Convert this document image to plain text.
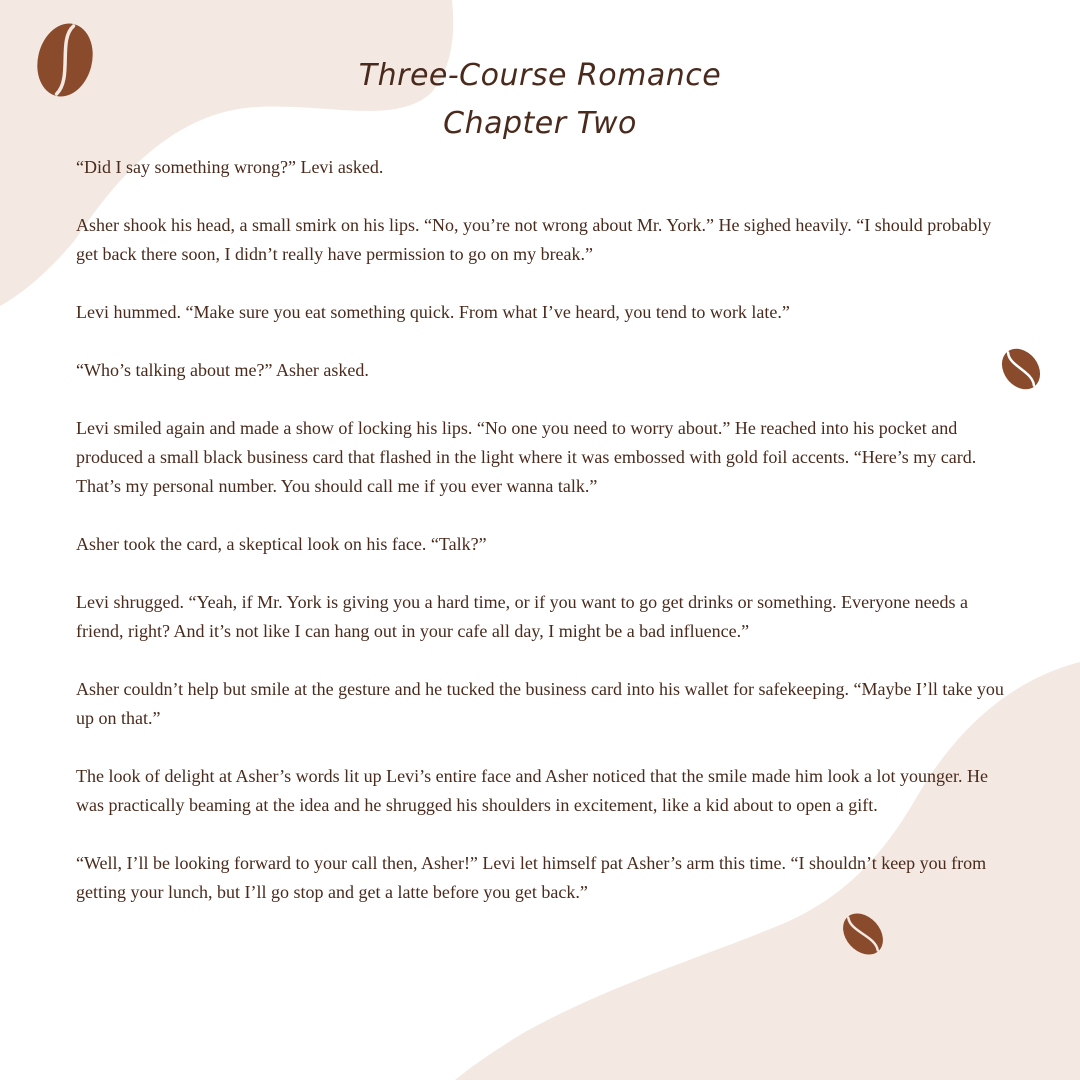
Three-Course Romance
Chapter Two

“Did I say something wrong?” Levi asked.

Asher shook his head, a small smirk on his lips. “No, you’re not wrong about Mr. York.” He sighed heavily. “I should probably get back there soon, I didn’t really have permission to go on my break.”

Levi hummed. “Make sure you eat something quick. From what I’ve heard, you tend to work late.”

“Who’s talking about me?” Asher asked.

Levi smiled again and made a show of locking his lips. “No one you need to worry about.” He reached into his pocket and produced a small black business card that flashed in the light where it was embossed with gold foil accents. “Here’s my card. That’s my personal number. You should call me if you ever wanna talk.”

Asher took the card, a skeptical look on his face. “Talk?”

Levi shrugged. “Yeah, if Mr. York is giving you a hard time, or if you want to go get drinks or something. Everyone needs a friend, right? And it’s not like I can hang out in your cafe all day, I might be a bad influence.”

Asher couldn’t help but smile at the gesture and he tucked the business card into his wallet for safekeeping. “Maybe I’ll take you up on that.”

The look of delight at Asher’s words lit up Levi’s entire face and Asher noticed that the smile made him look a lot younger. He was practically beaming at the idea and he shrugged his shoulders in excitement, like a kid about to open a gift.

“Well, I’ll be looking forward to your call then, Asher!” Levi let himself pat Asher’s arm this time. “I shouldn’t keep you from getting your lunch, but I’ll go stop and get a latte before you get back.”
